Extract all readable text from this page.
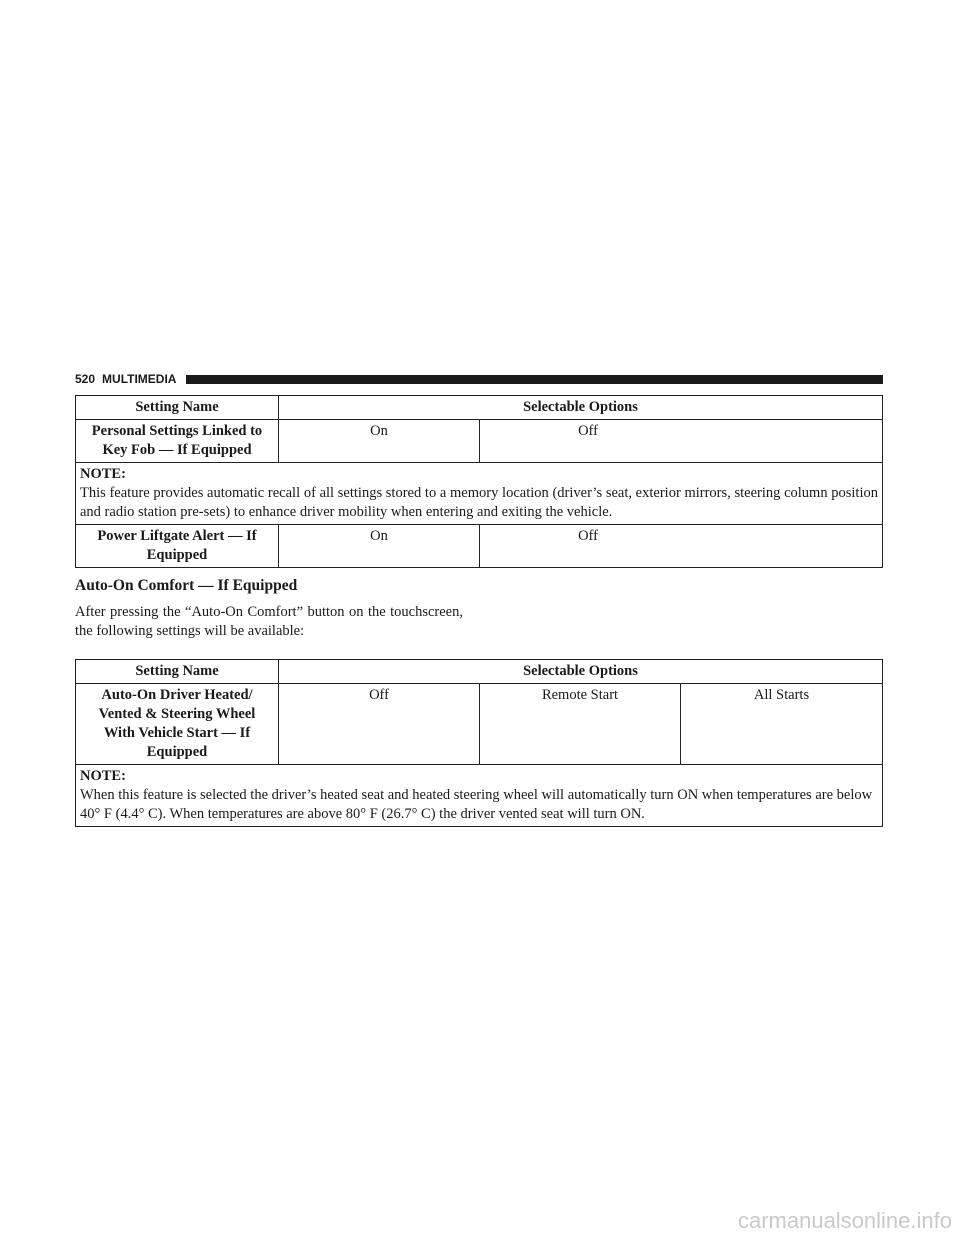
520 MULTIMEDIA
Setting Name	Selectable Options	
Personal Settings Linked to Key Fob — If Equipped	On	Off

NOTE:
This feature provides automatic recall of all settings stored to a memory location (driver’s seat, exterior mirrors, steering column position and radio station pre-sets) to enhance driver mobility when entering and exiting the vehicle.		
Power Liftgate Alert — If Equipped	On	Off
Auto-On Comfort — If Equipped
After pressing the “Auto-On Comfort” button on the touchscreen, the following settings will be available:
Setting Name	Selectable Options		
Auto-On Driver Heated/ Vented & Steering Wheel With Vehicle Start — If Equipped	Off	Remote Start	All Starts

NOTE:
When this feature is selected the driver’s heated seat and heated steering wheel will automatically turn ON when temperatures are below 40° F (4.4° C). When temperatures are above 80° F (26.7° C) the driver vented seat will turn ON.			
carmanualsonline.info
